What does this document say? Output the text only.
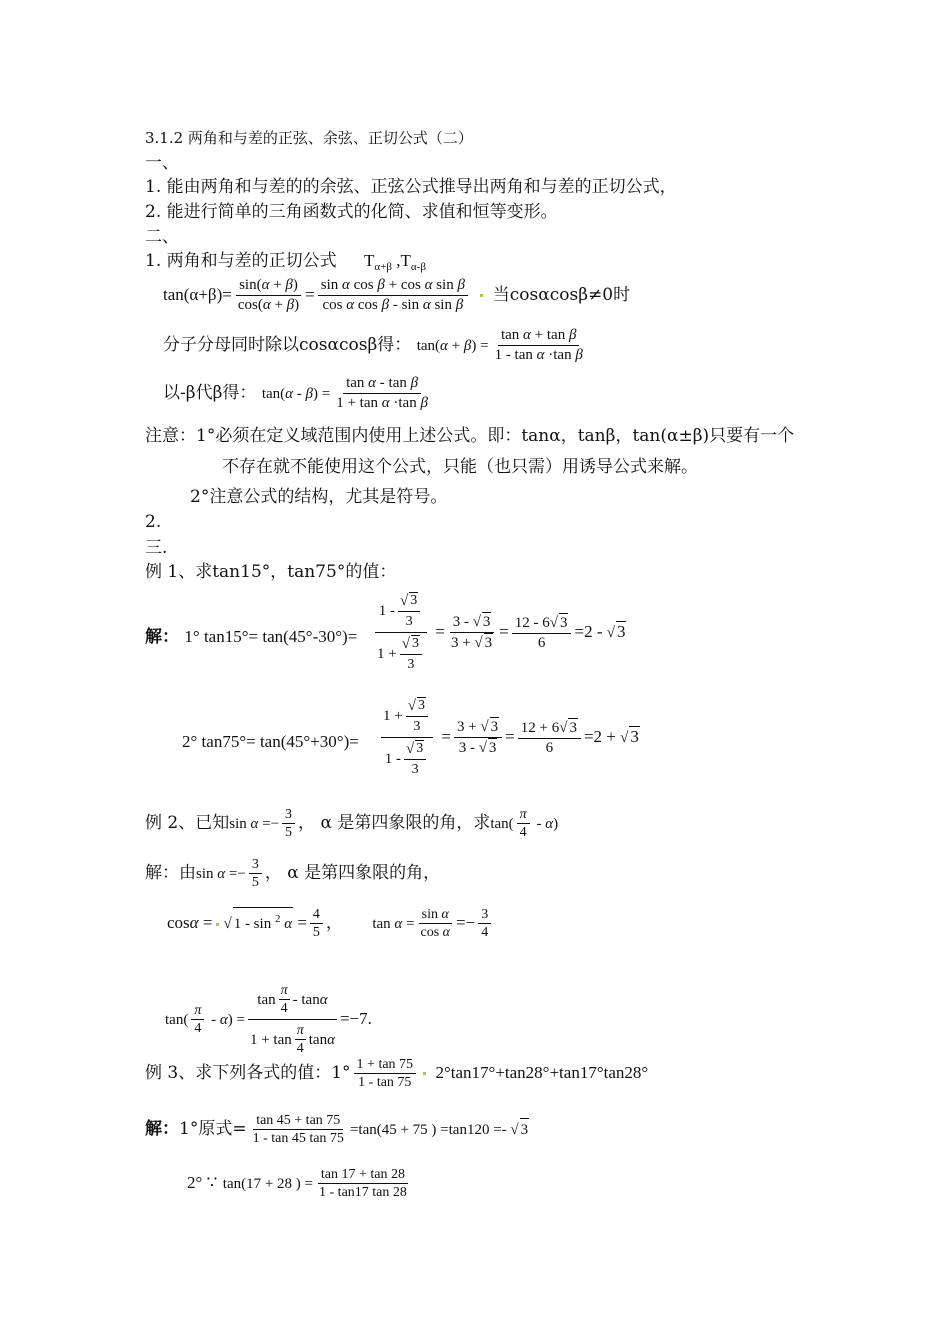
3.1.2 两角和与差的正弦、余弦、正切公式（二）
一、
1. 能由两角和与差的的余弦、正弦公式推导出两角和与差的正切公式，
2. 能进行简单的三角函数式的化简、求值和恒等变形。
二、
1. 两角和与差的正切公式 $T_{\alpha+\beta}$ $,T_{\alpha-\beta}$
$\tan(\alpha+\beta)= \frac{\sin(\alpha + \beta)}{\cos(\alpha + \beta)} = \frac{\text{sin α cos β + cos α sin β}}{\text{cos α cos β - sin α sin β}}$ 当cosαcosβ≠0时
分子分母同时除以cosαcosβ得： $\tan(\alpha + \beta) = \frac{\text{tan α + tan β}}{\text{1 - tan α ·tan β}}$
以-β代β得： $\tan(\alpha - \beta) = \frac{\text{tan α - tan β}}{\text{1 + tan α ·tan β}}$
注意：1°必须在定义域范围内使用上述公式。即：tanα，tanβ，tan(α±β)只要有一个
不存在就不能使用这个公式，只能（也只需）用诱导公式来解。
2°注意公式的结构，尤其是符号。
2.
三.
例 1、求tan15°，tan75°的值：
解： 1° tan15°= tan(45°-30°)= 1 -
√ 3
3
1 +
√ 3
$3 = \frac{3 - √ 3}{3 + √ 3} = \frac{12 - 6√ 3}{6} =2$ - √ 3
2° tan75°= tan(45°+30°)= 1 +
√ 3
3
1 -
√ 3
$3 = \frac{3 + √ 3}{3 - √ 3} = \frac{12 + 6√ 3}{6} =2$ + √ 3
例 2、已知$\sin \alpha =- \frac{3}{5}$ ， α 是第四象限的角，求$\tan( \frac{\pi}{4} - \alpha)$
解：由$\sin \alpha =- \frac{3}{5}$ ， α 是第四象限的角，
cosα = √ 1 - sin $^2$ $\alpha = \frac{4}{5}$ ， $\tan \alpha = \frac{\text{sin α}}{\text{cos α}} =- \frac{3}{4}$
$\tan( \frac{\pi}{4} - \alpha) = \frac{\tan \frac{\pi}{4} - \tan \alpha}{1 + \tan \frac{\pi}{4} \tan \alpha} =-7$.
例 3、求下列各式的值：$1^\circ \frac{1 + \tan 75}{1 - \tan 75} 2^\circ\tan 17^\circ+\tan 28^\circ+\tan 17^\circ\tan 28^\circ$
解：1°原式= $\frac{\tan 45 + \tan 75}{1 - \tan 45 \tan 75} =\tan(45 + 75$ ) =tan120 =- √ 3
2° ∵ tan(17 + 28 ) = $\frac{\tan 17 + \tan 28}{1 - \tan 17 \tan 28}$
